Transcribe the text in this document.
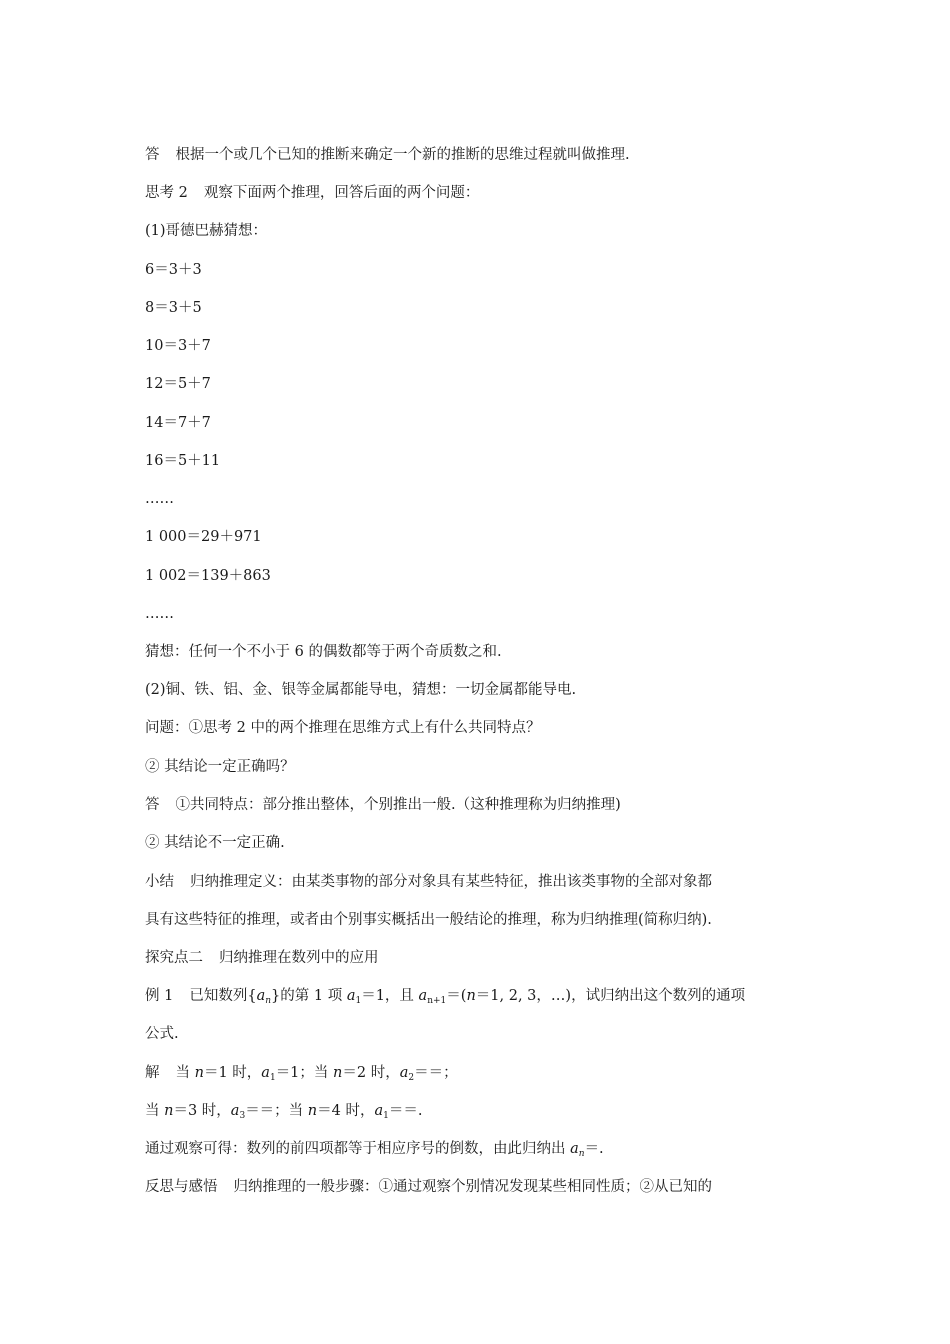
答 根据一个或几个已知的推断来确定一个新的推断的思维过程就叫做推理.
思考 2 观察下面两个推理，回答后面的两个问题：
(1)哥德巴赫猜想：
6＝3＋3
8＝3＋5
10＝3＋7
12＝5＋7
14＝7＋7
16＝5＋11
……
1 000＝29＋971
1 002＝139＋863
……
猜想：任何一个不小于 6 的偶数都等于两个奇质数之和.
(2)铜、铁、铝、金、银等金属都能导电，猜想：一切金属都能导电.
问题：①思考 2 中的两个推理在思维方式上有什么共同特点？
② 其结论一定正确吗？
答 ①共同特点：部分推出整体，个别推出一般.（这种推理称为归纳推理)
② 其结论不一定正确.
小结 归纳推理定义：由某类事物的部分对象具有某些特征，推出该类事物的全部对象都
具有这些特征的推理，或者由个别事实概括出一般结论的推理，称为归纳推理(简称归纳).
探究点二 归纳推理在数列中的应用
例 1 已知数列$\{a_n\}$的第 1 项 $a_1=1$，且 $a_{n+1}=(n=1$, 2, 3，…)，试归纳出这个数列的通项
公式.
解 当 n＝1 时，$a_1=1$；当 n＝2 时，$a_2==$；
当 n＝3 时，$a_3==$；当 n＝4 时，$a_1==$.
通过观察可得：数列的前四项都等于相应序号的倒数，由此归纳出 $a_n=$.
反思与感悟 归纳推理的一般步骤：①通过观察个别情况发现某些相同性质；②从已知的
